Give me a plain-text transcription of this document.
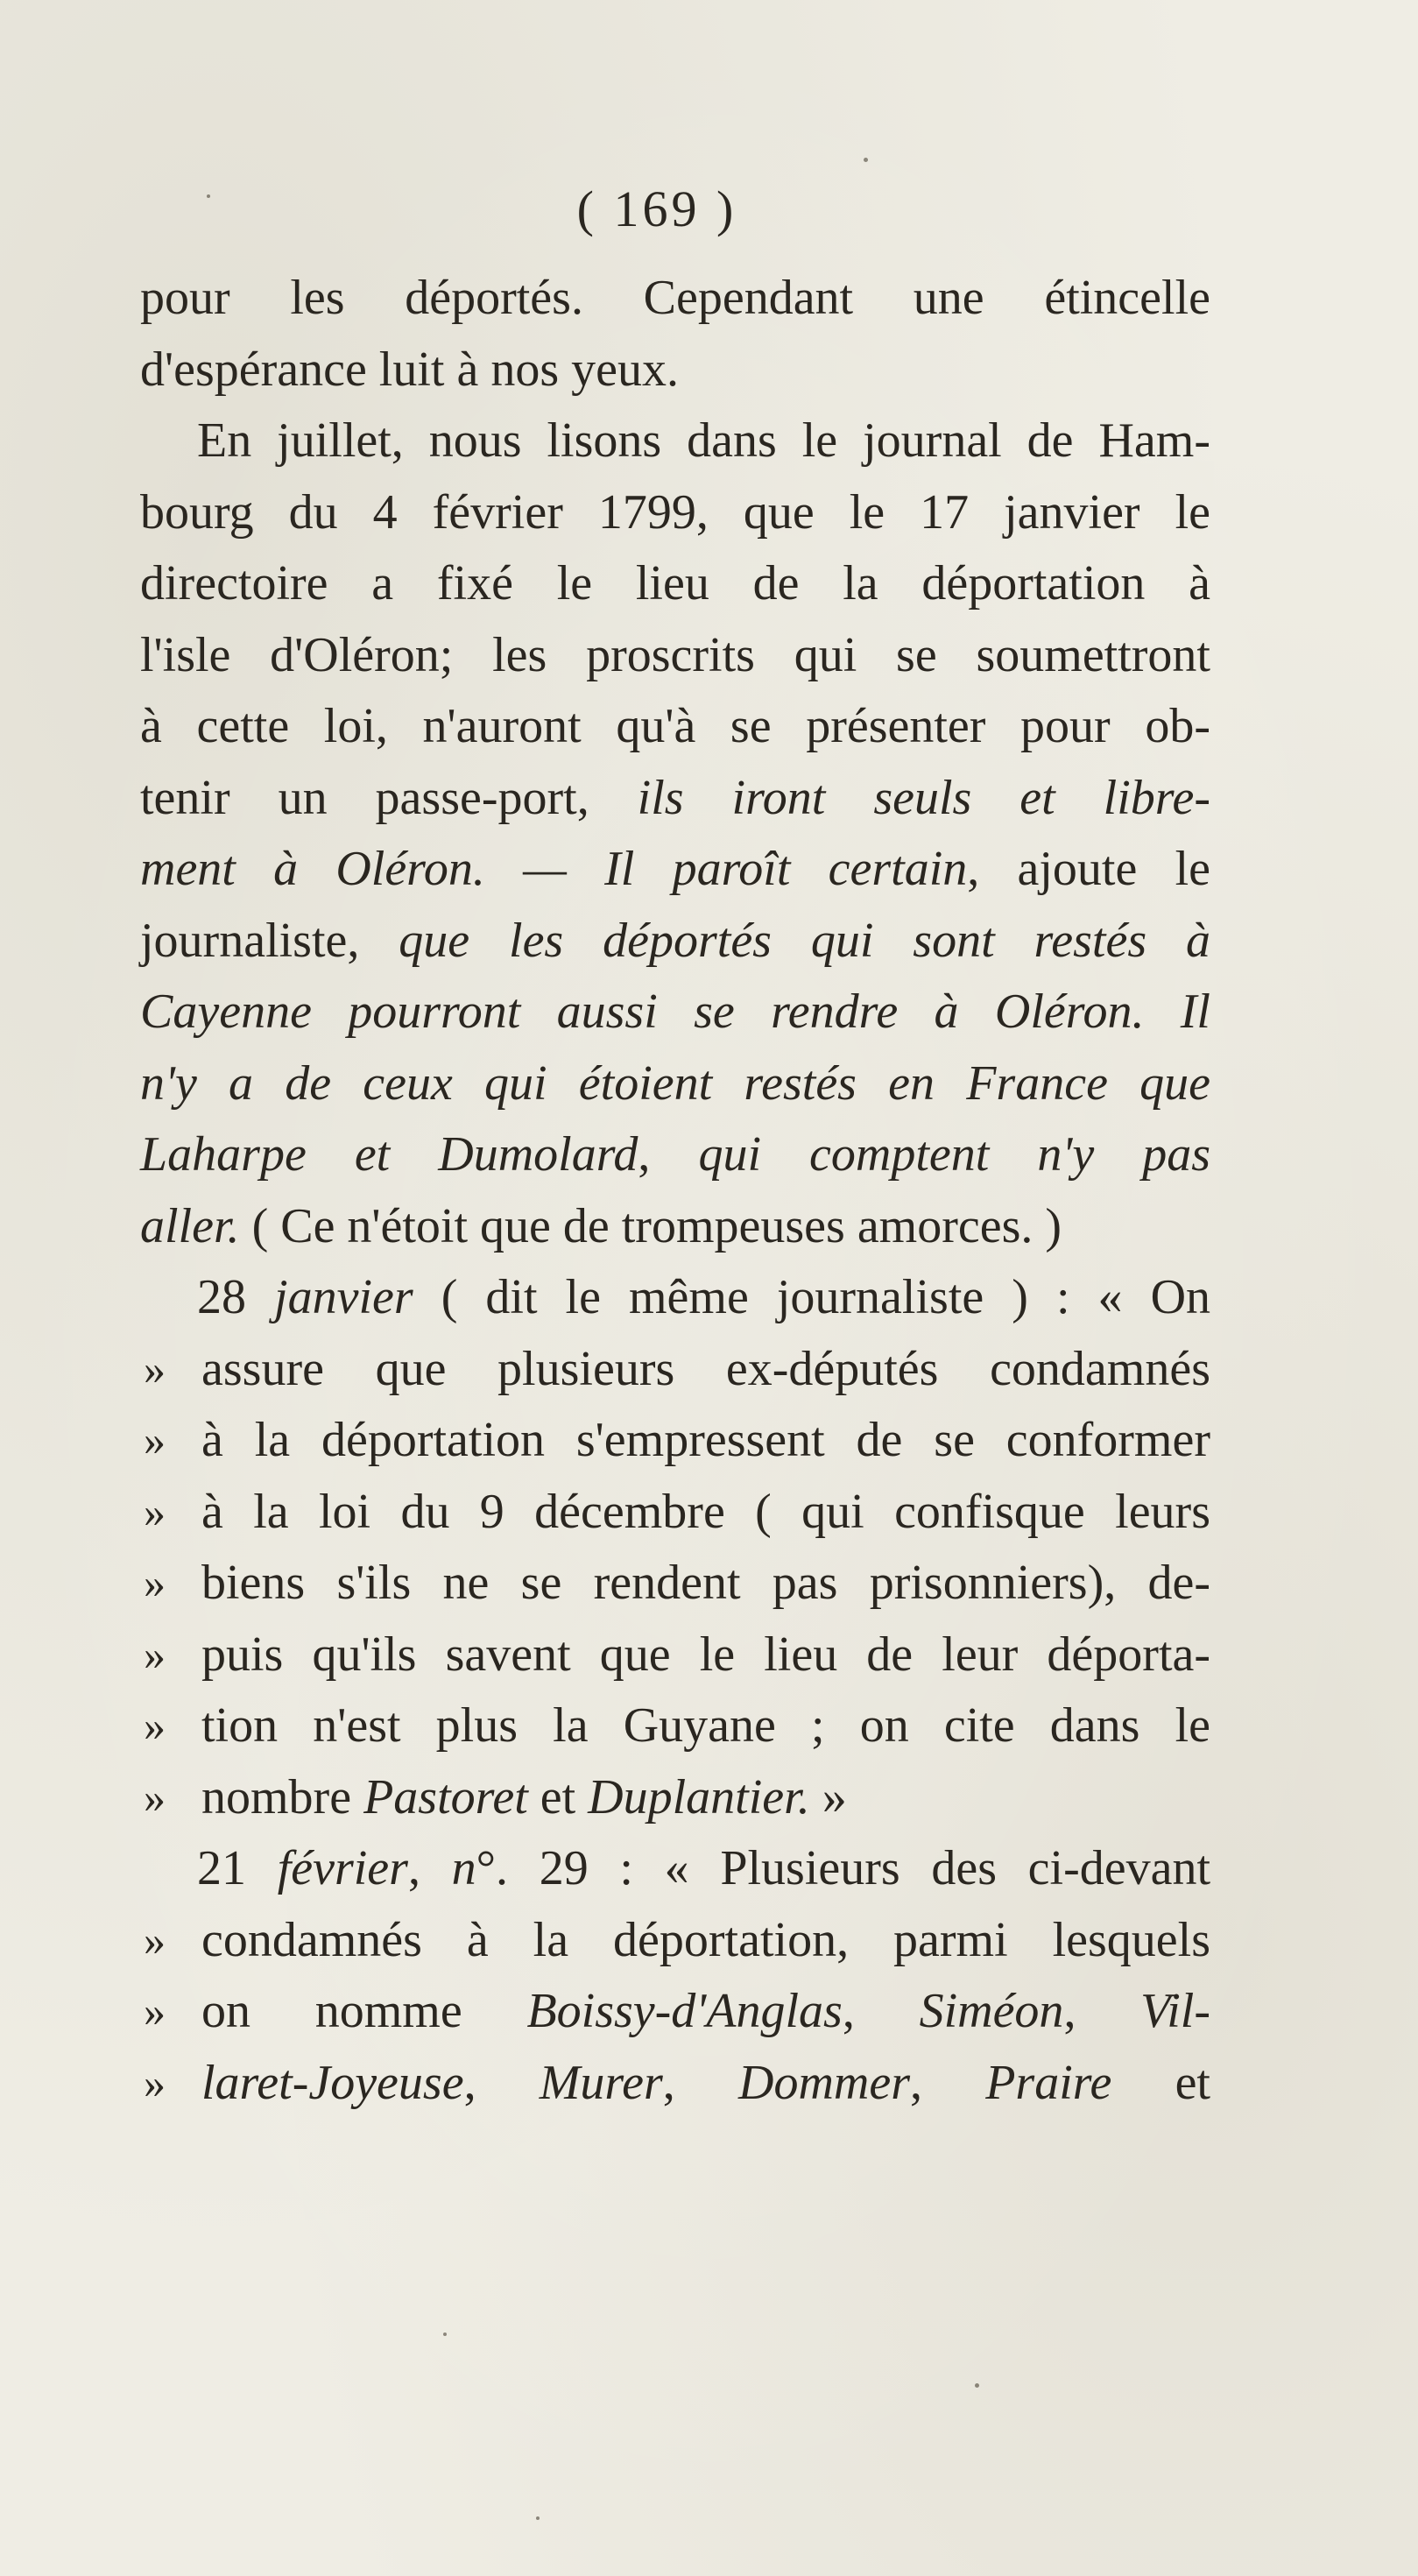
( 169 )
pour les déportés. Cependant une étincelle
d'espérance luit à nos yeux.
En juillet, nous lisons dans le journal de Ham-
bourg du 4 février 1799, que le 17 janvier le
directoire a fixé le lieu de la déportation à
l'isle d'Oléron; les proscrits qui se soumettront
à cette loi, n'auront qu'à se présenter pour ob-
tenir un passe-port, ils iront seuls et libre-
ment à Oléron. — Il paroît certain, ajoute le
journaliste, que les déportés qui sont restés à
Cayenne pourront aussi se rendre à Oléron. Il
n'y a de ceux qui étoient restés en France que
Laharpe et Dumolard, qui comptent n'y pas
aller. ( Ce n'étoit que de trompeuses amorces. )
28 janvier ( dit le même journaliste ) : « On
» assure que plusieurs ex-députés condamnés
» à la déportation s'empressent de se conformer
» à la loi du 9 décembre ( qui confisque leurs
» biens s'ils ne se rendent pas prisonniers), de-
» puis qu'ils savent que le lieu de leur déporta-
» tion n'est plus la Guyane ; on cite dans le
» nombre Pastoret et Duplantier. »
21 février, n°. 29 : « Plusieurs des ci-devant
» condamnés à la déportation, parmi lesquels
» on nomme Boissy-d'Anglas, Siméon, Vil-
» laret-Joyeuse, Murer, Dommer, Praire et
